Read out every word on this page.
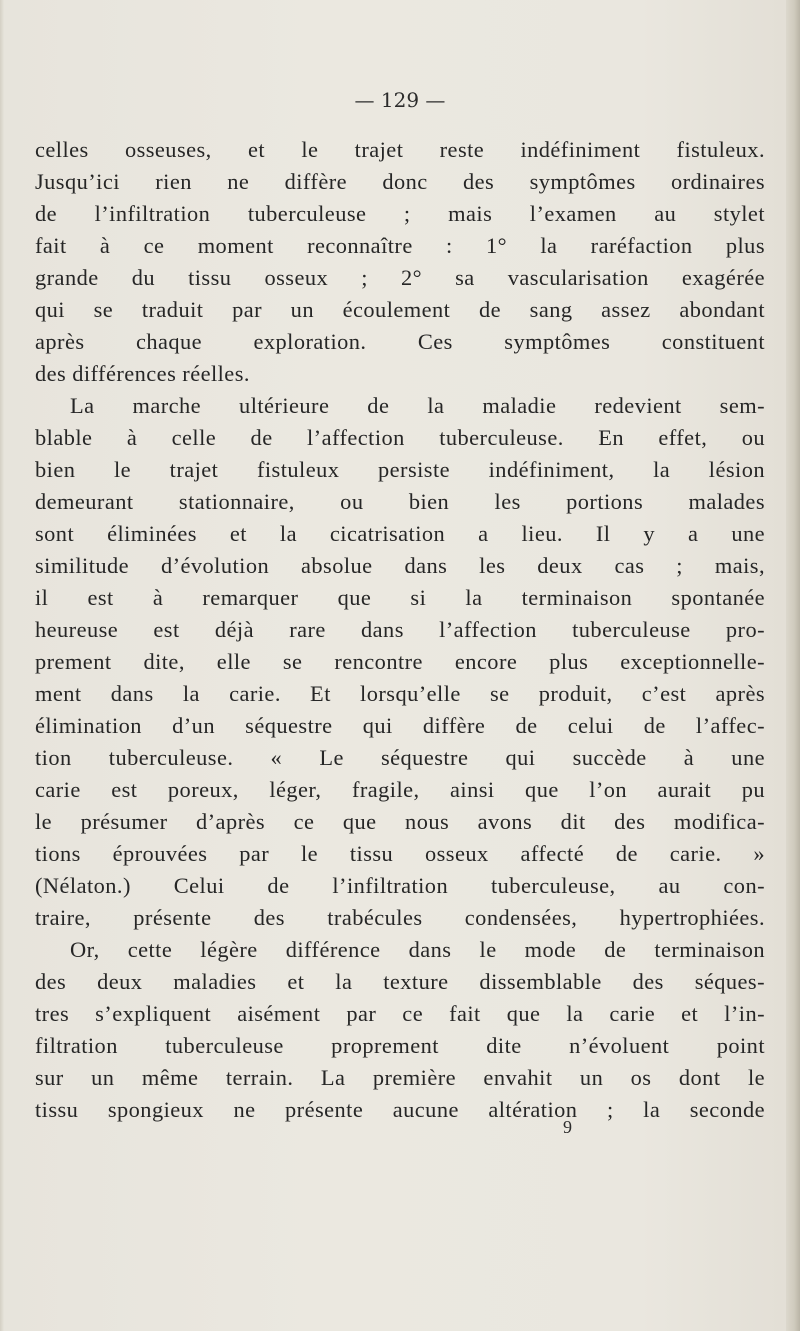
— 129 —
celles osseuses, et le trajet reste indéfiniment fistuleux.
Jusqu’ici rien ne diffère donc des symptômes ordinaires
de l’infiltration tuberculeuse ; mais l’examen au stylet
fait à ce moment reconnaître : 1° la raréfaction plus
grande du tissu osseux ; 2° sa vascularisation exagérée
qui se traduit par un écoulement de sang assez abondant
après chaque exploration. Ces symptômes constituent
des différences réelles.
La marche ultérieure de la maladie redevient sem-
blable à celle de l’affection tuberculeuse. En effet, ou
bien le trajet fistuleux persiste indéfiniment, la lésion
demeurant stationnaire, ou bien les portions malades
sont éliminées et la cicatrisation a lieu. Il y a une
similitude d’évolution absolue dans les deux cas ; mais,
il est à remarquer que si la terminaison spontanée
heureuse est déjà rare dans l’affection tuberculeuse pro-
prement dite, elle se rencontre encore plus exceptionnelle-
ment dans la carie. Et lorsqu’elle se produit, c’est après
élimination d’un séquestre qui diffère de celui de l’affec-
tion tuberculeuse. « Le séquestre qui succède à une
carie est poreux, léger, fragile, ainsi que l’on aurait pu
le présumer d’après ce que nous avons dit des modifica-
tions éprouvées par le tissu osseux affecté de carie. »
(Nélaton.) Celui de l’infiltration tuberculeuse, au con-
traire, présente des trabécules condensées, hypertrophiées.
Or, cette légère différence dans le mode de terminaison
des deux maladies et la texture dissemblable des séques-
tres s’expliquent aisément par ce fait que la carie et l’in-
filtration tuberculeuse proprement dite n’évoluent point
sur un même terrain. La première envahit un os dont le
tissu spongieux ne présente aucune altération ; la seconde
9
